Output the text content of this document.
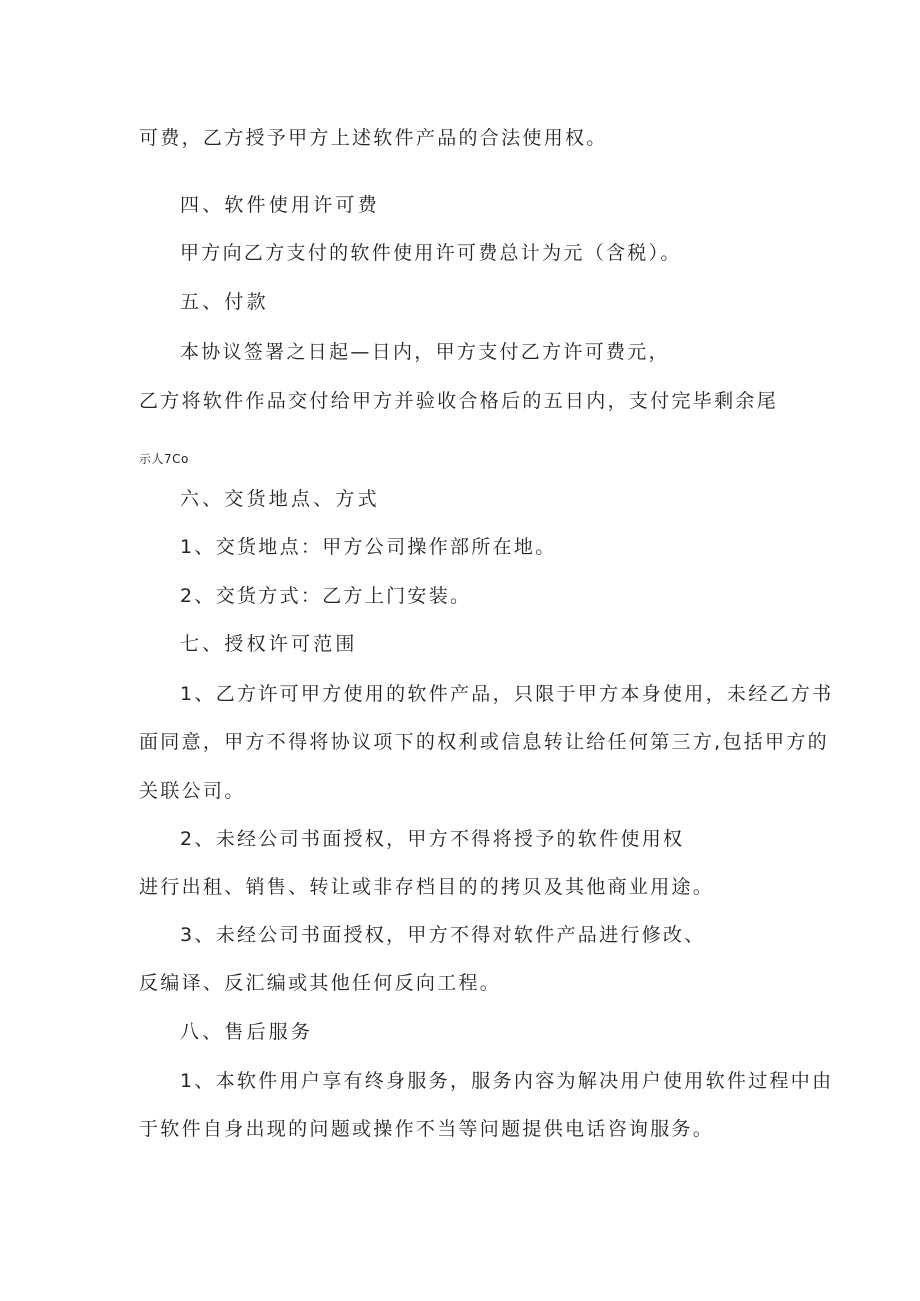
可费，乙方授予甲方上述软件产品的合法使用权。

四、软件使用许可费

甲方向乙方支付的软件使用许可费总计为元（含税）。

五、付款

本协议签署之日起—日内，甲方支付乙方许可费元，

乙方将软件作品交付给甲方并验收合格后的五日内，支付完毕剩余尾

示人7Co

六、交货地点、方式

1、交货地点：甲方公司操作部所在地。

2、交货方式：乙方上门安装。

七、授权许可范围

1、乙方许可甲方使用的软件产品，只限于甲方本身使用，未经乙方书

面同意，甲方不得将协议项下的权利或信息转让给任何第三方,包括甲方的

关联公司。

2、未经公司书面授权，甲方不得将授予的软件使用权

进行出租、销售、转让或非存档目的的拷贝及其他商业用途。

3、未经公司书面授权，甲方不得对软件产品进行修改、

反编译、反汇编或其他任何反向工程。

八、售后服务

1、本软件用户享有终身服务，服务内容为解决用户使用软件过程中由

于软件自身出现的问题或操作不当等问题提供电话咨询服务。
